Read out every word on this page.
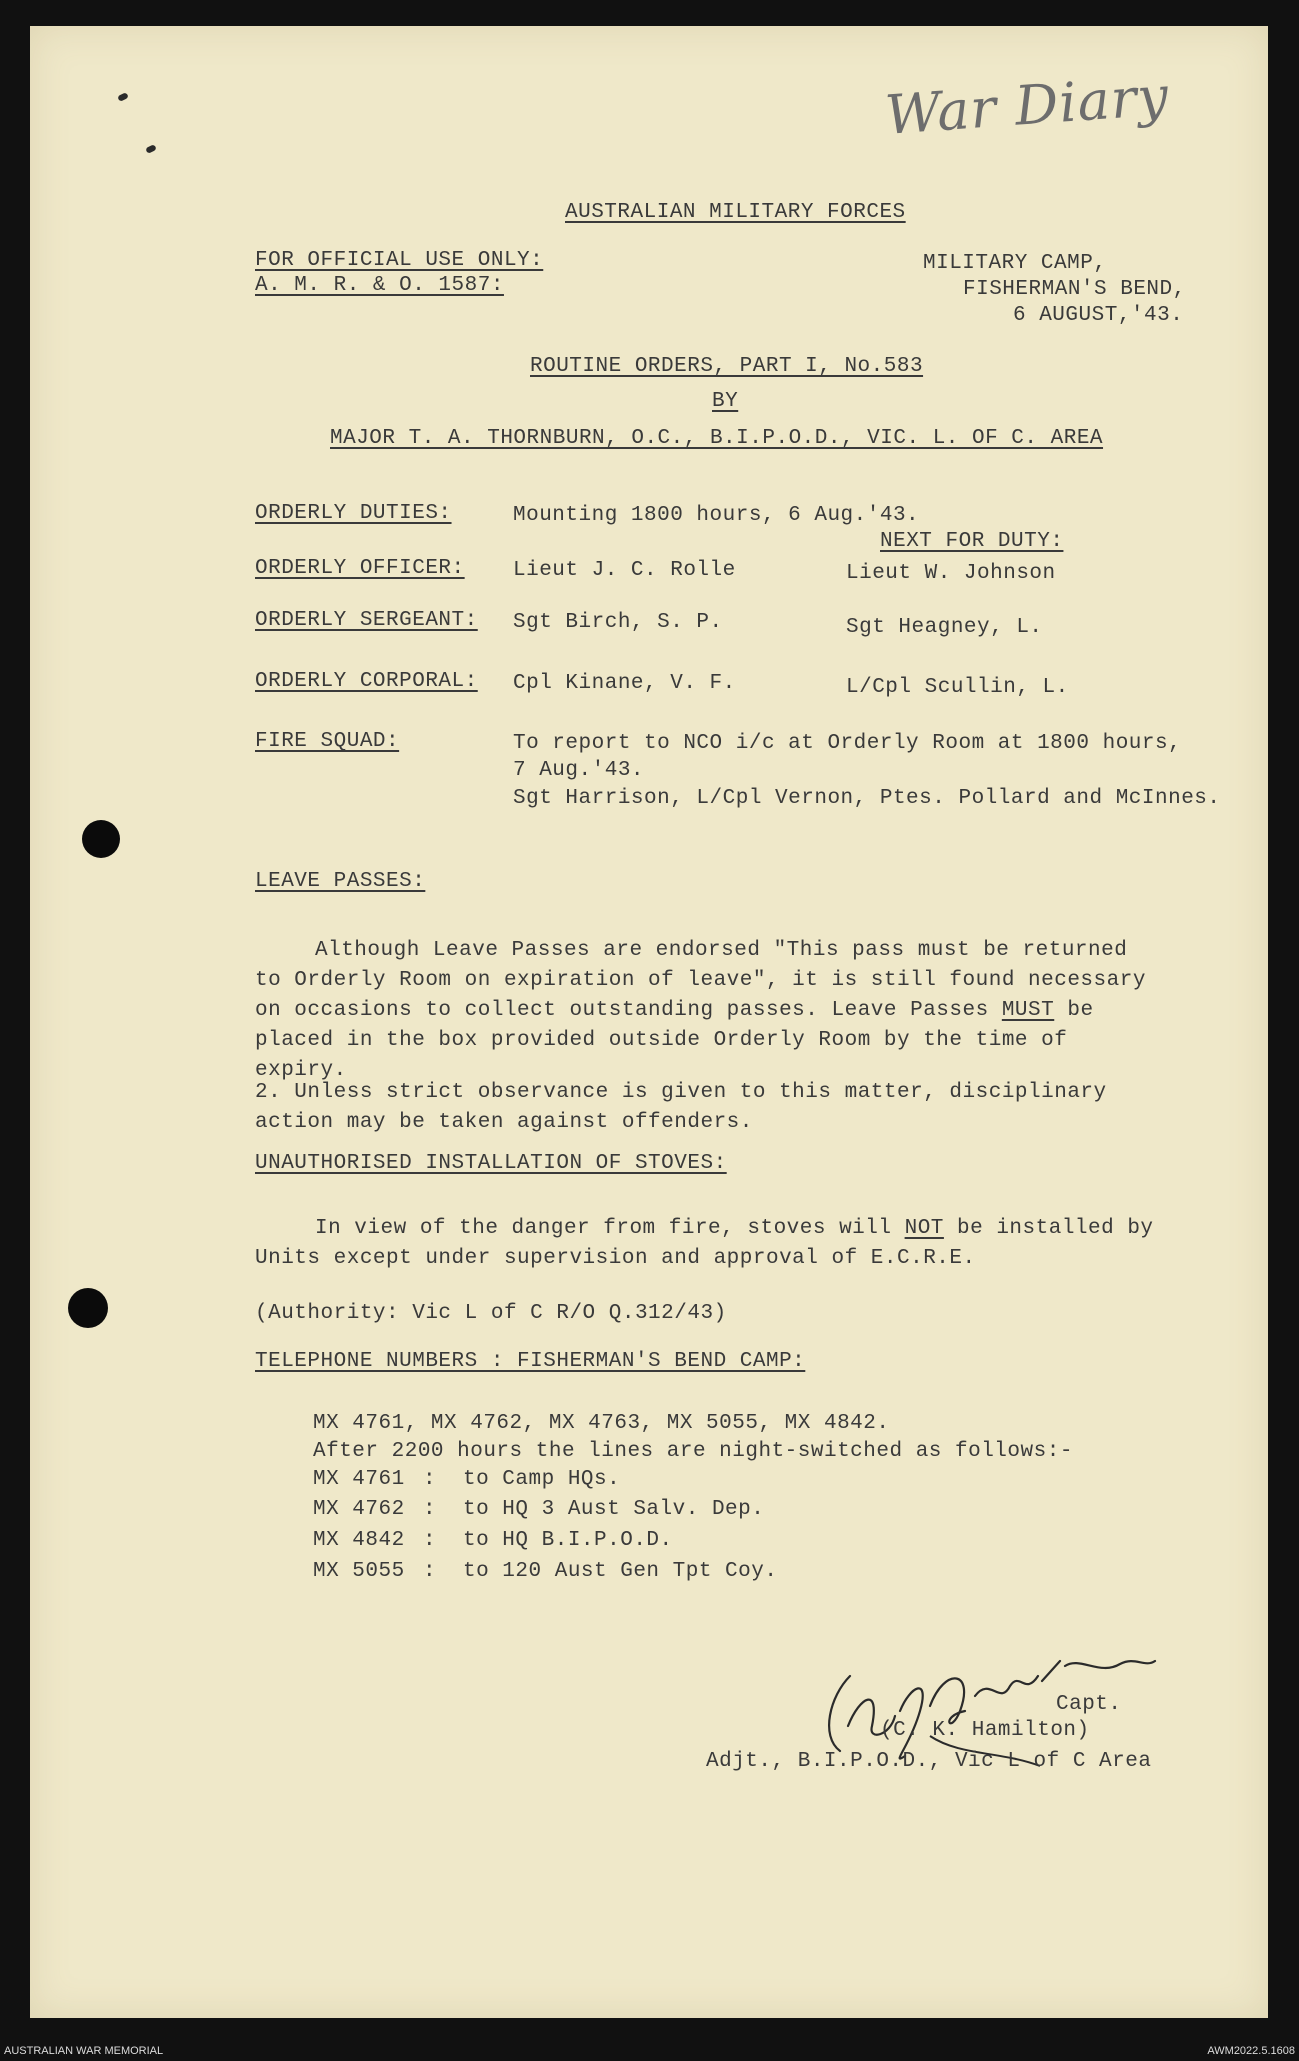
War Diary
AUSTRALIAN MILITARY FORCES
FOR OFFICIAL USE ONLY:
A. M. R. & O. 1587:
MILITARY CAMP,
FISHERMAN'S BEND,
6 AUGUST,'43.
ROUTINE ORDERS, PART I, No.583
BY
MAJOR T. A. THORNBURN, O.C., B.I.P.O.D., VIC. L. OF C. AREA
ORDERLY DUTIES:	Mounting 1800 hours, 6 Aug.'43.
NEXT FOR DUTY:
ORDERLY OFFICER: Lieut J. C. Rolle	Lieut W. Johnson
ORDERLY SERGEANT: Sgt Birch, S. P.	Sgt Heagney, L.
ORDERLY CORPORAL: Cpl Kinane, V. F.	L/Cpl Scullin, L.
FIRE SQUAD:	To report to NCO i/c at Orderly Room at 1800 hours,
7 Aug.'43.
Sgt Harrison, L/Cpl Vernon, Ptes. Pollard and McInnes.
LEAVE PASSES:
Although Leave Passes are endorsed "This pass must be returned to Orderly Room on expiration of leave", it is still found necessary on occasions to collect outstanding passes. Leave Passes MUST be placed in the box provided outside Orderly Room by the time of expiry.
2. Unless strict observance is given to this matter, disciplinary action may be taken against offenders.
UNAUTHORISED INSTALLATION OF STOVES:
In view of the danger from fire, stoves will NOT be installed by Units except under supervision and approval of E.C.R.E.
(Authority: Vic L of C R/O Q.312/43)
TELEPHONE NUMBERS : FISHERMAN'S BEND CAMP:
MX 4761, MX 4762, MX 4763, MX 5055, MX 4842.
After 2200 hours the lines are night-switched as follows:-
MX 4761 : to Camp HQs.
MX 4762 : to HQ 3 Aust Salv. Dep.
MX 4842 : to HQ B.I.P.O.D.
MX 5055 : to 120 Aust Gen Tpt Coy.
Capt.
(C. K. Hamilton)
Adjt., B.I.P.O.D., Vic L of C Area
AUSTRALIAN WAR MEMORIAL	AWM2022.5.1608
